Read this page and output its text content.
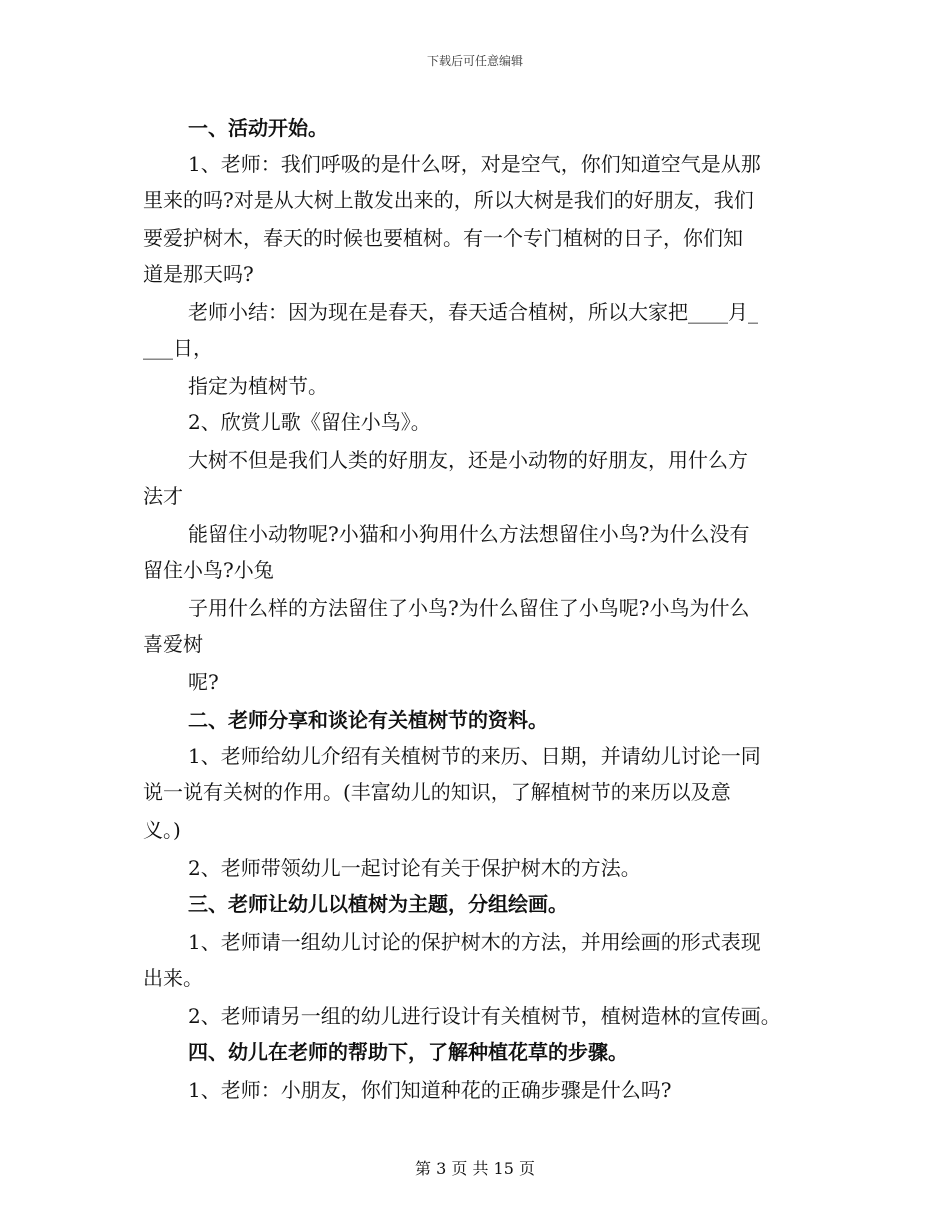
下载后可任意编辑
一、活动开始。
1、老师：我们呼吸的是什么呀，对是空气，你们知道空气是从那
里来的吗?对是从大树上散发出来的，所以大树是我们的好朋友，我们
要爱护树木，春天的时候也要植树。有一个专门植树的日子，你们知
道是那天吗?
老师小结：因为现在是春天，春天适合植树，所以大家把____月_
___日，
指定为植树节。
2、欣赏儿歌《留住小鸟》。
大树不但是我们人类的好朋友，还是小动物的好朋友，用什么方
法才
能留住小动物呢?小猫和小狗用什么方法想留住小鸟?为什么没有
留住小鸟?小兔
子用什么样的方法留住了小鸟?为什么留住了小鸟呢?小鸟为什么
喜爱树
呢?
二、老师分享和谈论有关植树节的资料。
1、老师给幼儿介绍有关植树节的来历、日期，并请幼儿讨论一同
说一说有关树的作用。(丰富幼儿的知识，了解植树节的来历以及意
义。)
2、老师带领幼儿一起讨论有关于保护树木的方法。
三、老师让幼儿以植树为主题，分组绘画。
1、老师请一组幼儿讨论的保护树木的方法，并用绘画的形式表现
出来。
2、老师请另一组的幼儿进行设计有关植树节，植树造林的宣传画。
四、幼儿在老师的帮助下，了解种植花草的步骤。
1、老师：小朋友，你们知道种花的正确步骤是什么吗?
第 3 页 共 15 页
